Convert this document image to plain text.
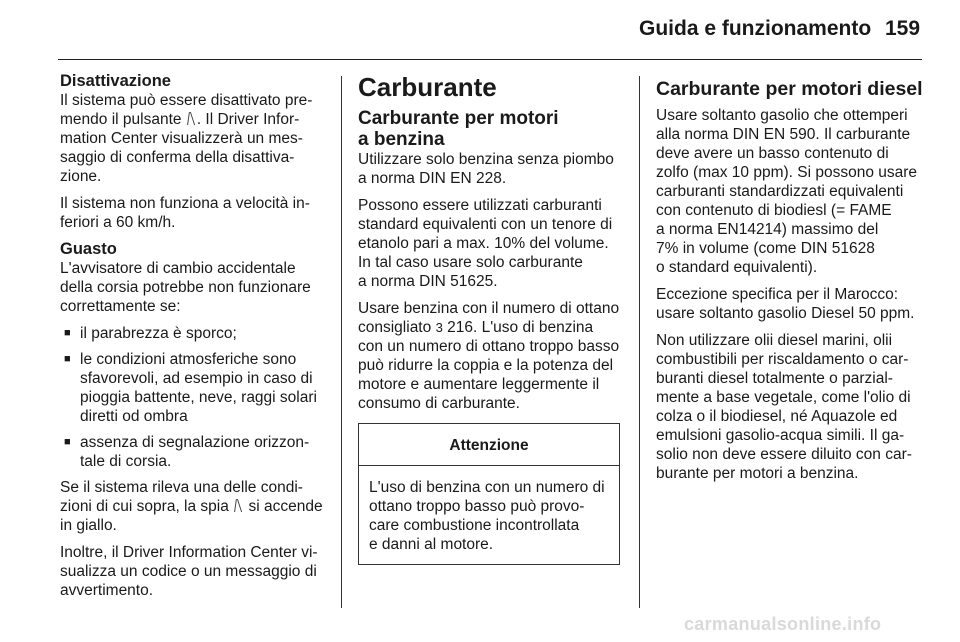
Guida e funzionamento 159
Disattivazione

Il sistema può essere disattivato pre-
mendo il pulsante . Il Driver Infor-
mation Center visualizzerà un mes-
saggio di conferma della disattiva-
zione.

Il sistema non funziona a velocità in-
feriori a 60 km/h.

Guasto

L'avvisatore di cambio accidentale
della corsia potrebbe non funzionare
correttamente se:

■ il parabrezza è sporco;
■ le condizioni atmosferiche sono
sfavorevoli, ad esempio in caso di
pioggia battente, neve, raggi solari
diretti od ombra
■ assenza di segnalazione orizzon-
tale di corsia.

Se il sistema rileva una delle condi-
zioni di cui sopra, la spia si accende
in giallo.

Inoltre, il Driver Information Center vi-
sualizza un codice o un messaggio di
avvertimento.

Carburante
Carburante per motori
a benzina

Utilizzare solo benzina senza piombo
a norma DIN EN 228.

Possono essere utilizzati carburanti
standard equivalenti con un tenore di
etanolo pari a max. 10% del volume.
In tal caso usare solo carburante
a norma DIN 51625.

Usare benzina con il numero di ottano
consigliato 3 216. L'uso di benzina
con un numero di ottano troppo basso
può ridurre la coppia e la potenza del
motore e aumentare leggermente il
consumo di carburante.

Attenzione
L'uso di benzina con un numero di
ottano troppo basso può provo-
care combustione incontrollata
e danni al motore.
Carburante per motori diesel

Usare soltanto gasolio che ottemperi
alla norma DIN EN 590. Il carburante
deve avere un basso contenuto di
zolfo (max 10 ppm). Si possono usare
carburanti standardizzati equivalenti
con contenuto di biodiesl (= FAME
a norma EN14214) massimo del
7% in volume (come DIN 51628
o standard equivalenti).

Eccezione specifica per il Marocco:
usare soltanto gasolio Diesel 50 ppm.

Non utilizzare olii diesel marini, olii
combustibili per riscaldamento o car-
buranti diesel totalmente o parzial-
mente a base vegetale, come l'olio di
colza o il biodiesel, né Aquazole ed
emulsioni gasolio-acqua simili. Il ga-
solio non deve essere diluito con car-
burante per motori a benzina.

carmanualsonline.info
